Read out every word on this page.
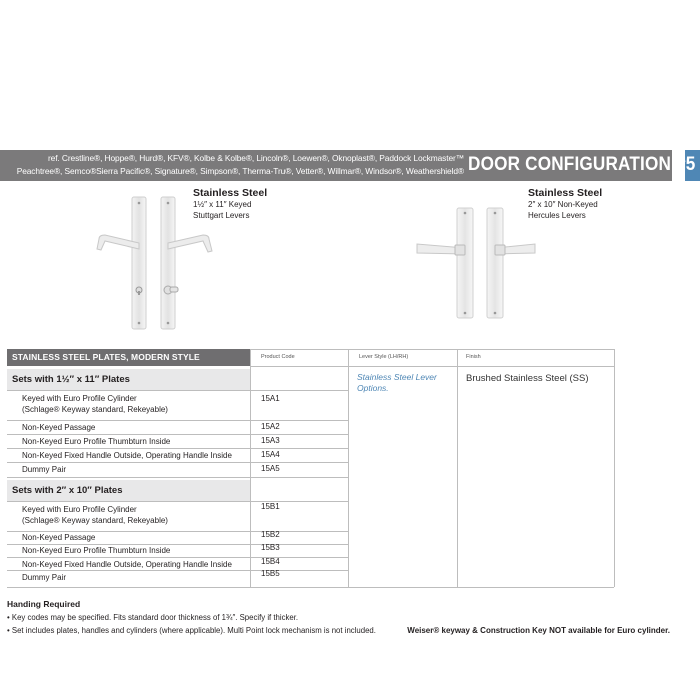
ref. Crestline®, Hoppe®, Hurd®, KFV®, Kolbe & Kolbe®, Lincoln®, Loewen®, Oknoplast®, Paddock Lockmaster™
Peachtree®, Semco®Sierra Pacific®, Signature®, Simpson®, Therma-Tru®, Vetter®, Willmar®, Windsor®, Weathershield® DOOR CONFIGURATION #5
Stainless Steel
1½″ x 11″ Keyed
Stuttgart Levers
Stainless Steel
2″ x 10″ Non-Keyed
Hercules Levers
STAINLESS STEEL PLATES, MODERN STYLE	Product Code	Lever Style (LH/RH)	Finish
Stainless Steel Lever Options.
Brushed Stainless Steel (SS)
Sets with 1½″ x 11″ Plates
Keyed with Euro Profile Cylinder
(Schlage® Keyway standard, Rekeyable)
15A1
Non-Keyed Passage	15A2
Non-Keyed Euro Profile Thumbturn Inside	15A3
Non-Keyed Fixed Handle Outside, Operating Handle Inside	15A4
Dummy Pair	15A5
Sets with 2″ x 10″ Plates
Keyed with Euro Profile Cylinder
(Schlage® Keyway standard, Rekeyable)
15B1
Non-Keyed Passage	15B2
Non-Keyed Euro Profile Thumbturn Inside	15B3
Non-Keyed Fixed Handle Outside, Operating Handle Inside	15B4
Dummy Pair	15B5
Handing Required
• Key codes may be specified. Fits standard door thickness of 1¾″. Specify if thicker.
• Set includes plates, handles and cylinders (where applicable). Multi Point lock mechanism is not included.	Weiser® keyway & Construction Key NOT available for Euro cylinder.
